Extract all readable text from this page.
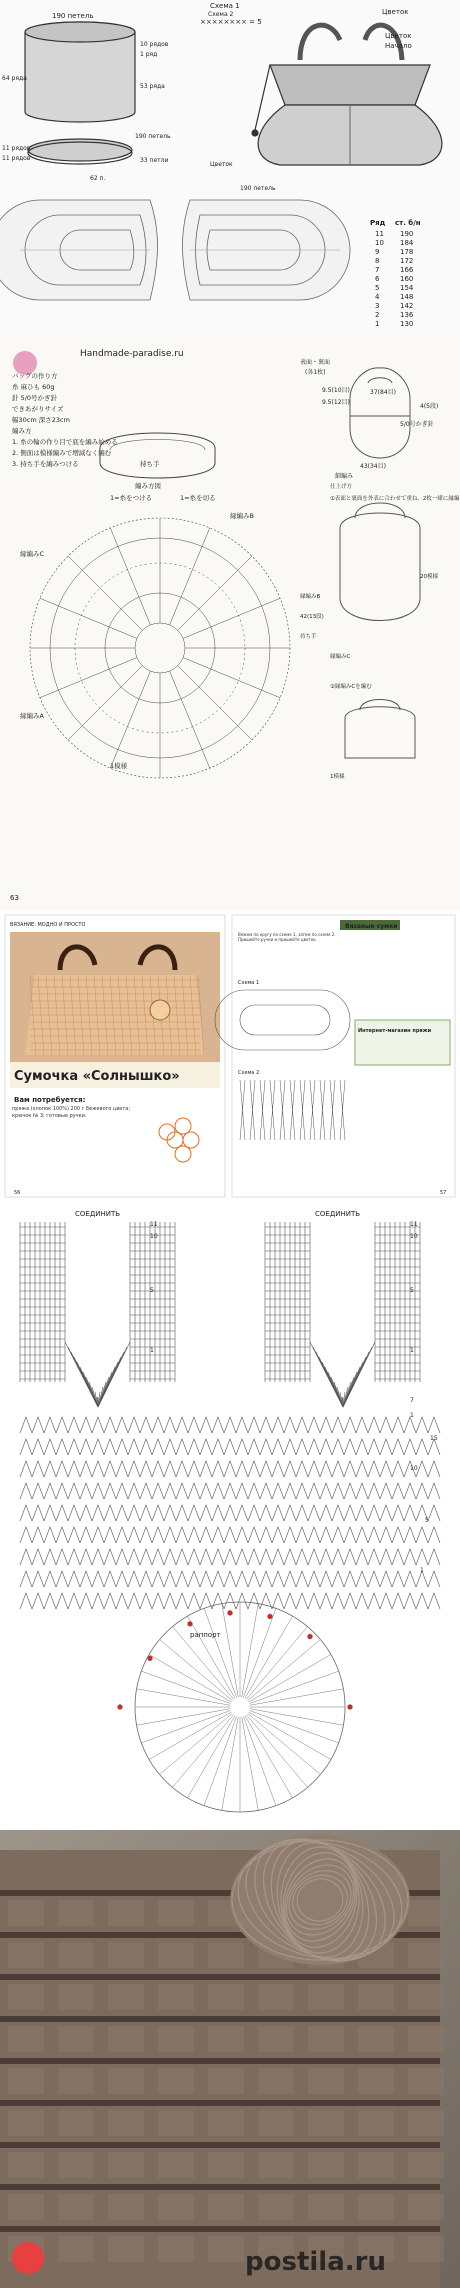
190 петель
Схема 1
Цветок
10 рядов
1 ряд
64 ряда
53 ряда
190 петель
11 рядов
11 рядов	33 петли
62 п.
Цветок
190 петель
×××××××× = 5
Схема 2
Цветок
Начало
Ряд ст. б/н
11 190
10 184
9	178
8	172
7	166
6	160
5	154
4	148
3	142
2	136
1	130
Handmade-paradise.ru
バッグの作り方
糸 麻ひも 60g
針 5/0号かぎ針
できあがりサイズ
幅30cm 深さ23cm
編み方
1. 糸の輪の作り目で底を編み始める
2. 側面は模様編みで増減なく編む
3. 持ち手を編みつける
表面・裏面
(各1枚)
9.5(10目)
9.5(12目)
37(84目)
43(34目)
4(5段)
5/0号かぎ針
細編み
仕上げ方
①表面と裏面を外表に合わせて重ね、2枚一緒に縁編
②縁編みCを編む
持ち手
縁編みC
縁編みB
20模様
42(13段)
1模様
編み方図
1=糸をつける	1=糸を切る
縁編みC
縁編みA
縁編みB
1模様
持ち手
63
ВЯЗАНИЕ: МОДНО И ПРОСТО
Сумочка «Солнышко»
Вам потребуется:
пряжа (хлопок 100%) 200 г бежевого цвета; крючок № 3; готовые ручки.
56
Вязаные сумки
Вяжем по кругу по схеме 1, затем по схеме 2. Пришейте ручки и пришейте цветок.
Схема 1
Схема 2
Интернет-магазин пряжи
57
СОЕДИНИТЬ	СОЕДИНИТЬ
раппорт
11
10
5
1
11
10
5
1
7
1
15
10
5
1
postila.ru
